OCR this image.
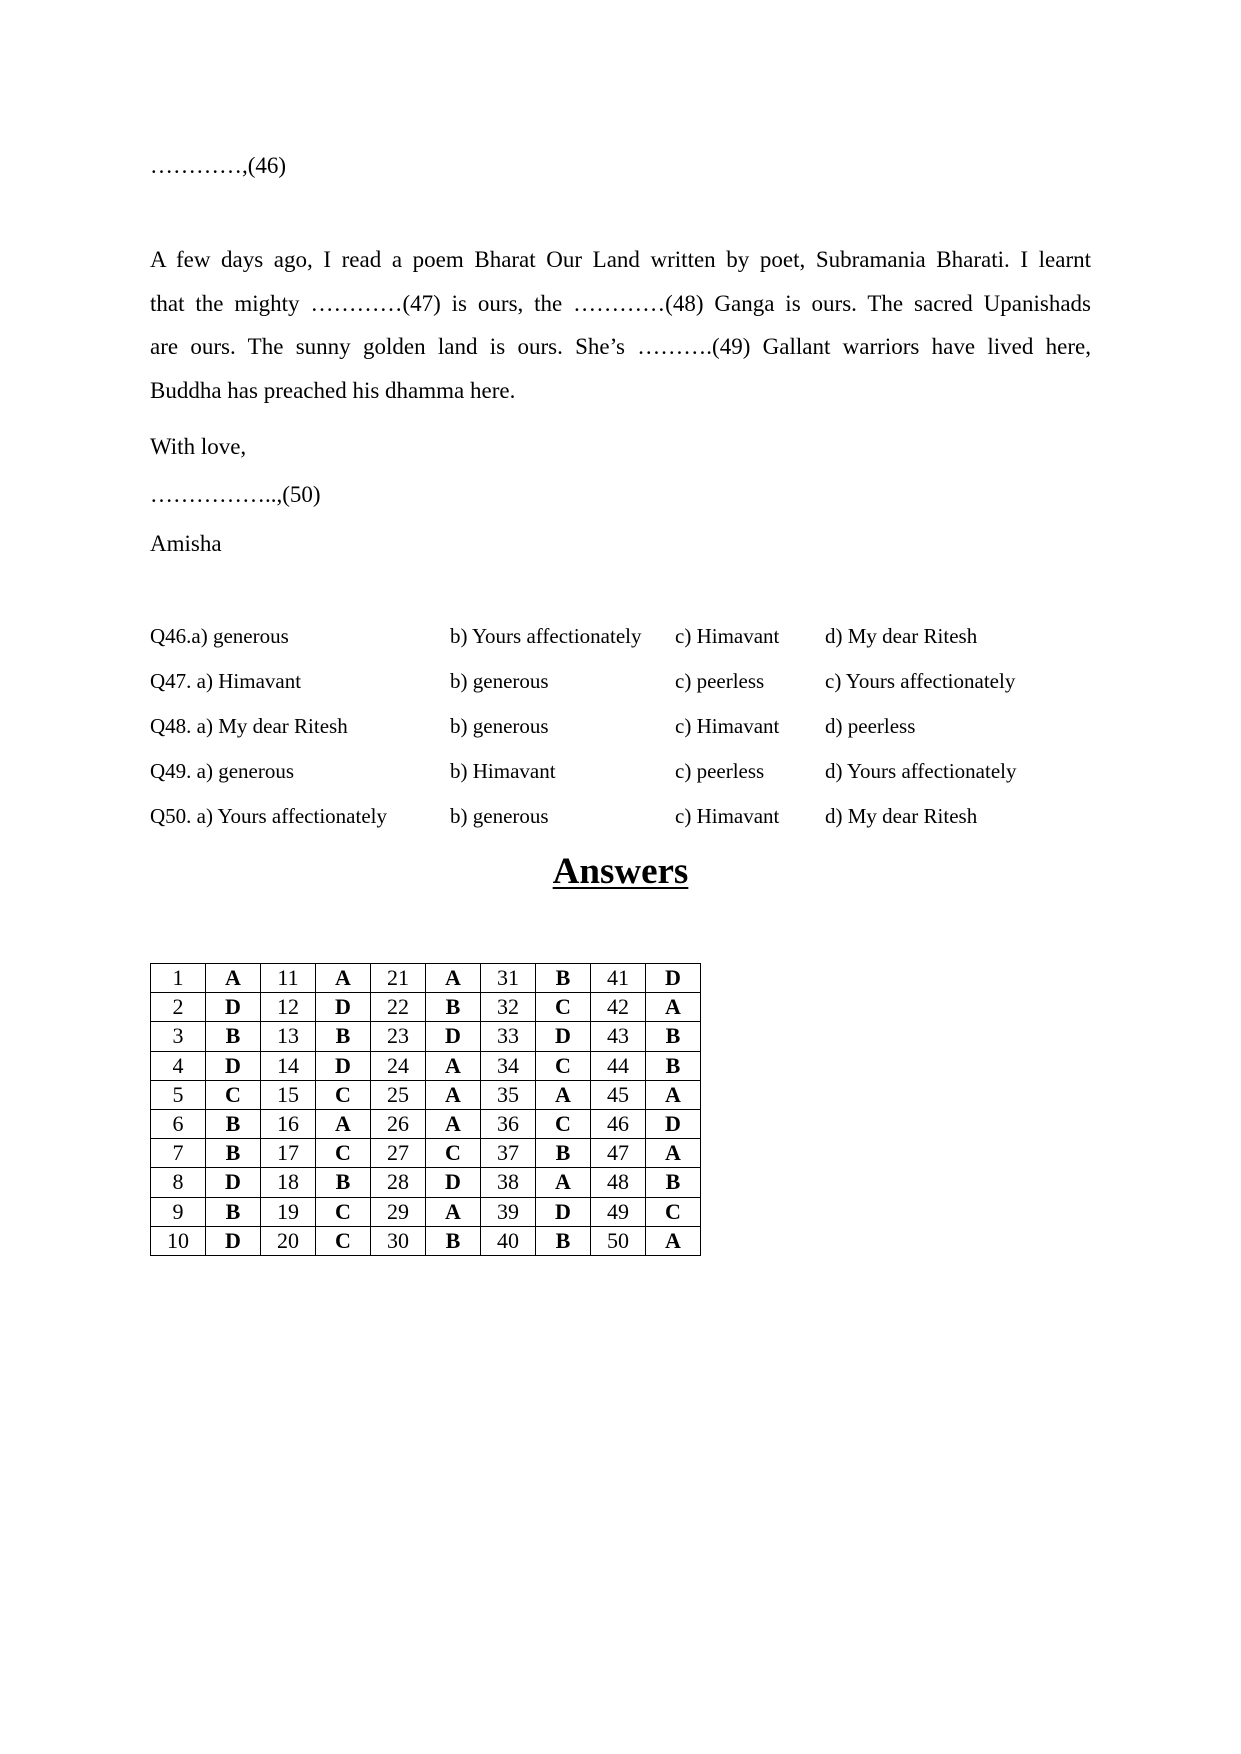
…………,(46)
A few days ago, I read a poem Bharat Our Land written by poet, Subramania Bharati. I learnt
that the mighty …………(47) is ours, the …………(48) Ganga is ours. The sacred Upanishads
are ours. The sunny golden land is ours. She’s ……….(49) Gallant warriors have lived here,
Buddha has preached his dhamma here.
With love,
……………..,(50)
Amisha
Q46.a) generous	b) Yours affectionately c) Himavant d) My dear Ritesh
Q47. a) Himavant	b) generous	c) peerless	c) Yours affectionately
Q48. a) My dear Ritesh	b) generous	c) Himavant d) peerless
Q49. a) generous	b) Himavant	c) peerless	d) Yours affectionately
Q50. a) Yours affectionately	b) generous	c) Himavant d) My dear Ritesh
Answers
1	A	11	A	21	A	31	B	41	D
2	D	12	D	22	B	32	C	42	A
3	B	13	B	23	D	33	D	43	B
4	D	14	D	24	A	34	C	44	B
5	C	15	C	25	A	35	A	45	A
6	B	16	A	26	A	36	C	46	D
7	B	17	C	27	C	37	B	47	A
8	D	18	B	28	D	38	A	48	B
9	B	19	C	29	A	39	D	49	C
10	D	20	C	30	B	40	B	50	A
